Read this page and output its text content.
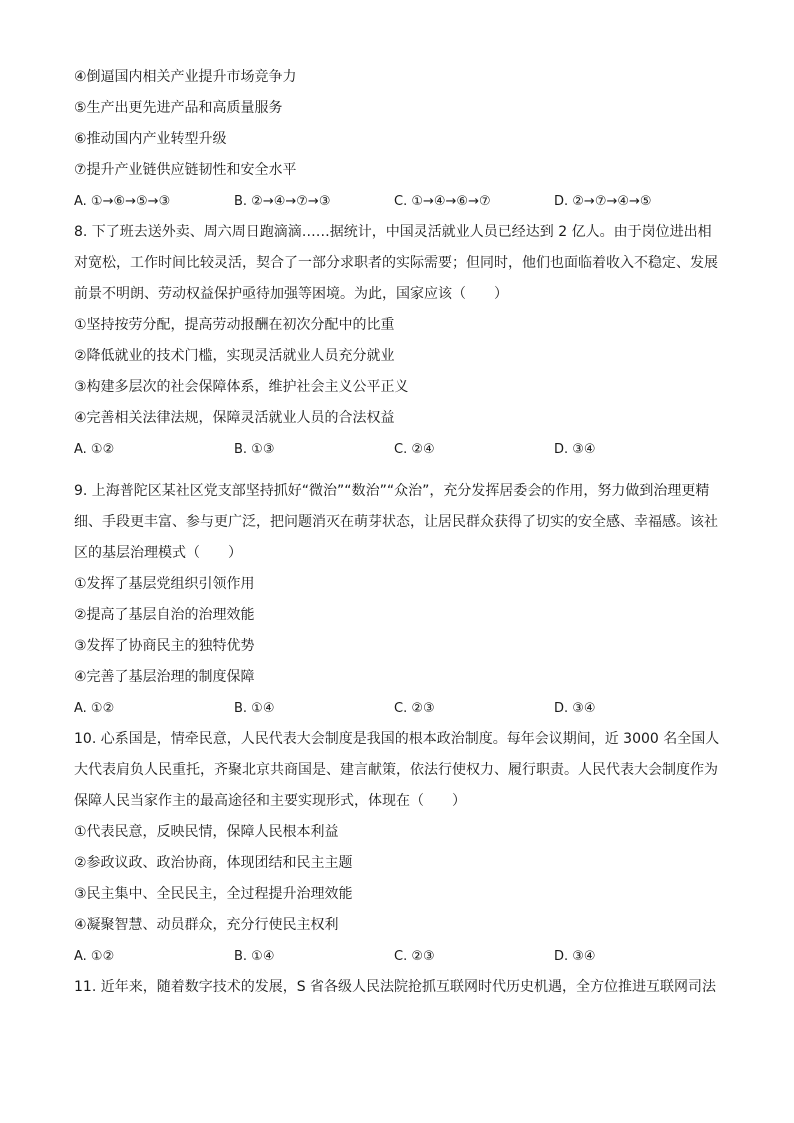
④倒逼国内相关产业提升市场竞争力
⑤生产出更先进产品和高质量服务
⑥推动国内产业转型升级
⑦提升产业链供应链韧性和安全水平
A. ①→⑥→⑤→③	B. ②→④→⑦→③	C. ①→④→⑥→⑦	D. ②→⑦→④→⑤
8. 下了班去送外卖、周六周日跑滴滴……据统计，中国灵活就业人员已经达到 2 亿人。由于岗位进出相对宽松，工作时间比较灵活，契合了一部分求职者的实际需要；但同时，他们也面临着收入不稳定、发展前景不明朗、劳动权益保护亟待加强等困境。为此，国家应该（　　）
①坚持按劳分配，提高劳动报酬在初次分配中的比重
②降低就业的技术门槛，实现灵活就业人员充分就业
③构建多层次的社会保障体系，维护社会主义公平正义
④完善相关法律法规，保障灵活就业人员的合法权益
A. ①②	B. ①③	C. ②④	D. ③④
9. 上海普陀区某社区党支部坚持抓好“微治”“数治”“众治”，充分发挥居委会的作用，努力做到治理更精细、手段更丰富、参与更广泛，把问题消灭在萌芽状态，让居民群众获得了切实的安全感、幸福感。该社区的基层治理模式（　　）
①发挥了基层党组织引领作用
②提高了基层自治的治理效能
③发挥了协商民主的独特优势
④完善了基层治理的制度保障
A. ①②	B. ①④	C. ②③	D. ③④
10. 心系国是，情牵民意，人民代表大会制度是我国的根本政治制度。每年会议期间，近 3000 名全国人大代表肩负人民重托，齐聚北京共商国是、建言献策，依法行使权力、履行职责。人民代表大会制度作为保障人民当家作主的最高途径和主要实现形式，体现在（　　）
①代表民意，反映民情，保障人民根本利益
②参政议政、政治协商，体现团结和民主主题
③民主集中、全民民主，全过程提升治理效能
④凝聚智慧、动员群众，充分行使民主权利
A. ①②	B. ①④	C. ②③	D. ③④
11. 近年来，随着数字技术的发展，S 省各级人民法院抢抓互联网时代历史机遇，全方位推进互联网司法
